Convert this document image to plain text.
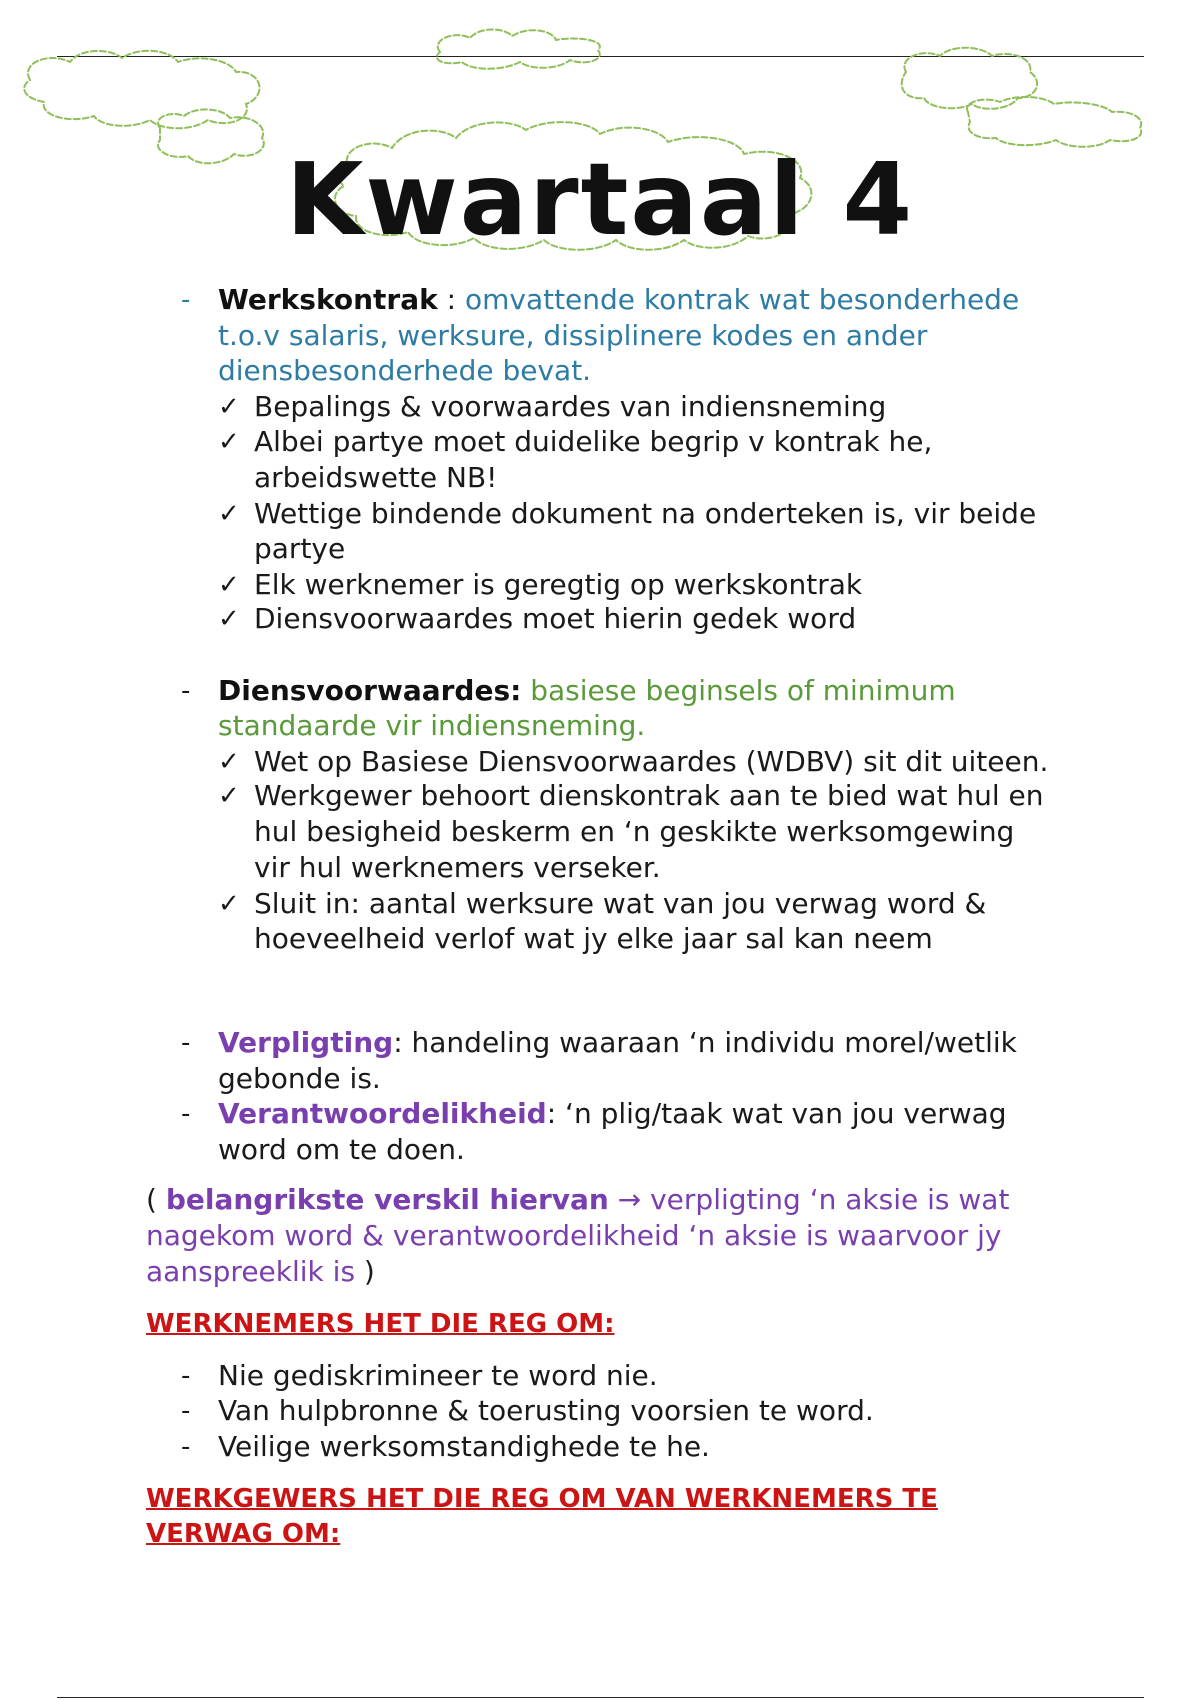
Kwartaal 4
- Werkskontrak : omvattende kontrak wat besonderhede
t.o.v salaris, werksure, dissiplinere kodes en ander
diensbesonderhede bevat.
✓ Bepalings & voorwaardes van indiensneming
✓ Albei partye moet duidelike begrip v kontrak he,
arbeidswette NB!
✓ Wettige bindende dokument na onderteken is, vir beide
partye
✓ Elk werknemer is geregtig op werkskontrak
✓ Diensvoorwaardes moet hierin gedek word
- Diensvoorwaardes: basiese beginsels of minimum
standaarde vir indiensneming.
✓ Wet op Basiese Diensvoorwaardes (WDBV) sit dit uiteen.
✓ Werkgewer behoort dienskontrak aan te bied wat hul en
hul besigheid beskerm en ‘n geskikte werksomgewing
vir hul werknemers verseker.
✓ Sluit in: aantal werksure wat van jou verwag word &
hoeveelheid verlof wat jy elke jaar sal kan neem
- Verpligting: handeling waaraan ‘n individu morel/wetlik
gebonde is.
- Verantwoordelikheid: ‘n plig/taak wat van jou verwag
word om te doen.
( belangrikste verskil hiervan → verpligting ‘n aksie is wat
nagekom word & verantwoordelikheid ‘n aksie is waarvoor jy
aanspreeklik is )
WERKNEMERS HET DIE REG OM:
- Nie gediskrimineer te word nie.
- Van hulpbronne & toerusting voorsien te word.
- Veilige werksomstandighede te he.
WERKGEWERS HET DIE REG OM VAN WERKNEMERS TE
VERWAG OM:
